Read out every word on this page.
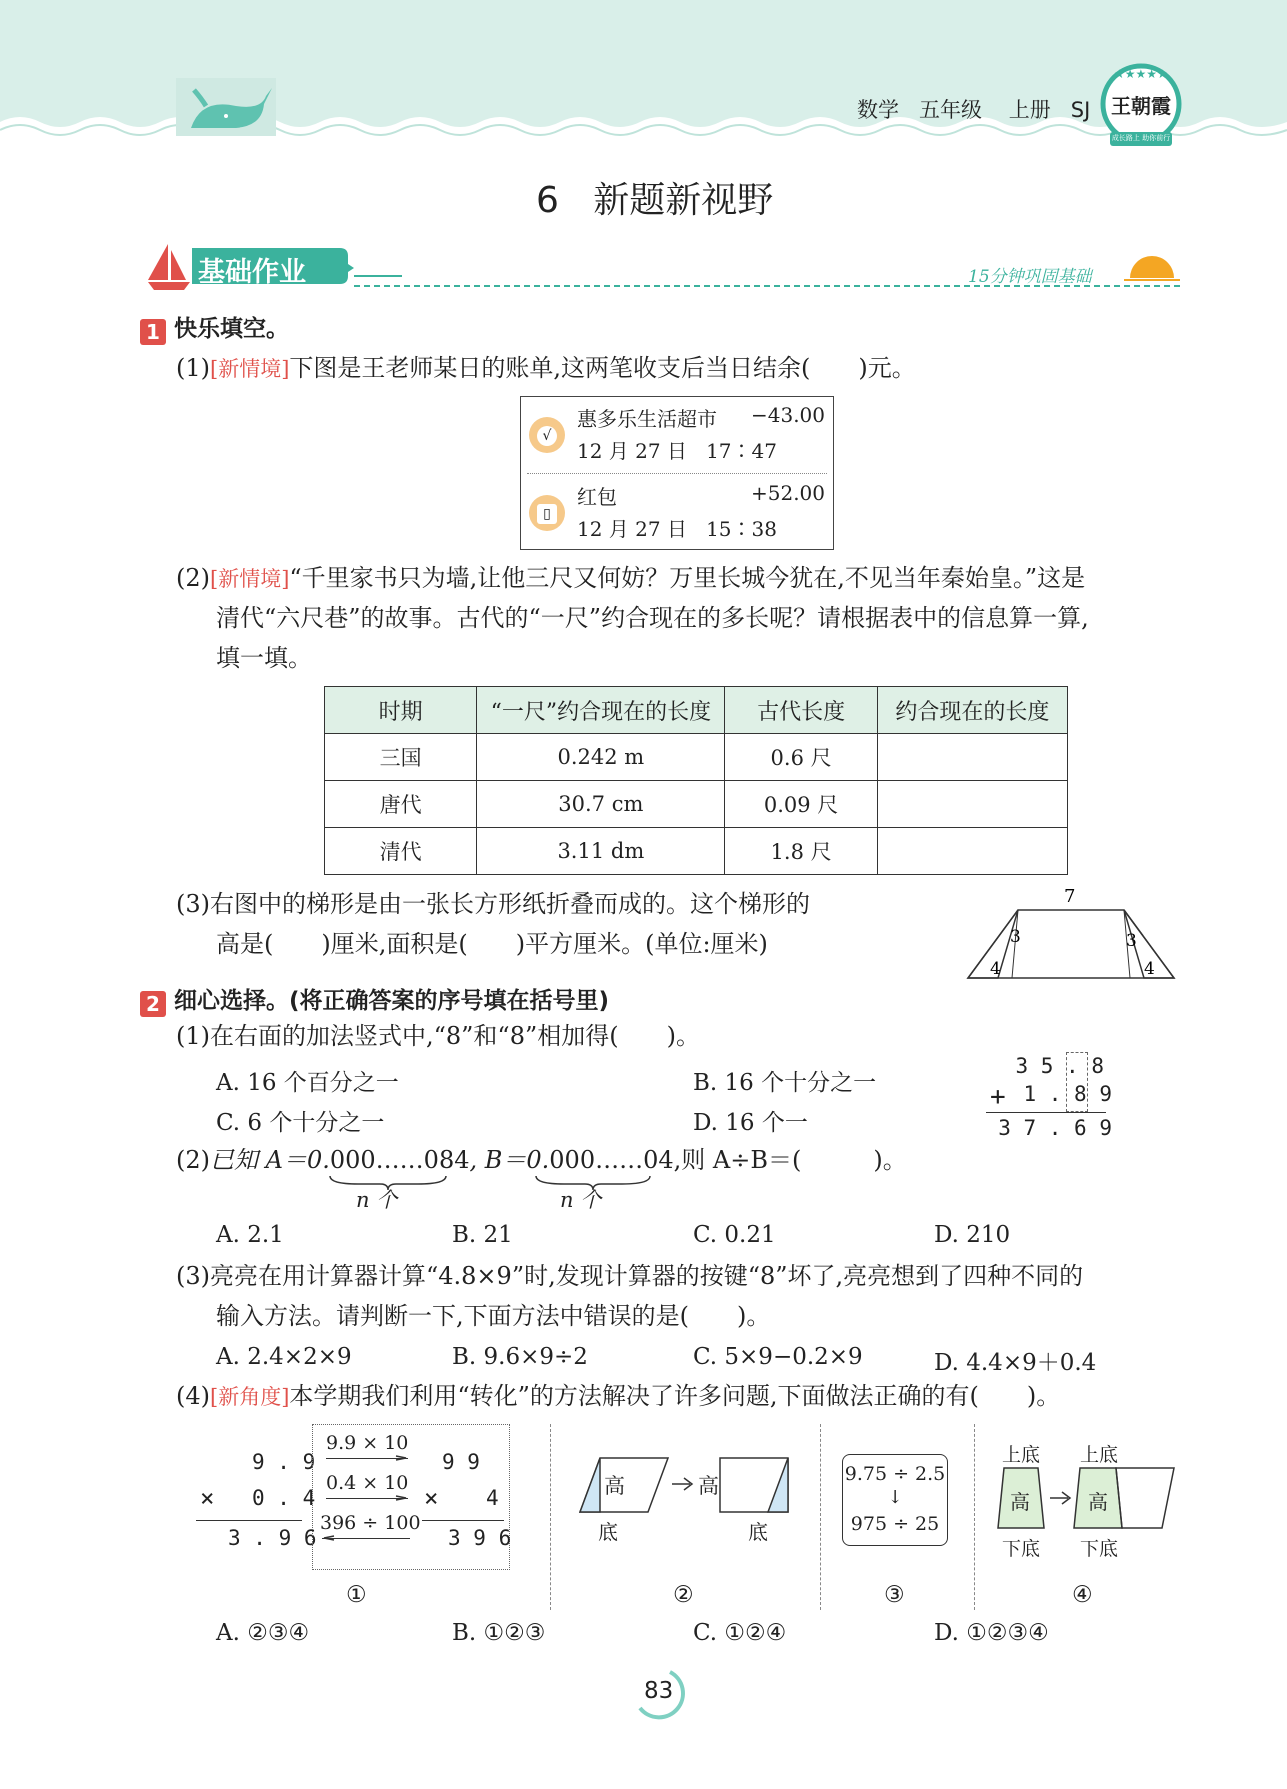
数学 五年级 上册 SJ
★★★★★
王朝霞
成长路上 助你前行
6 新题新视野
基础作业	15分钟巩固基础
1 快乐填空。
(1)[新情境]下图是王老师某日的账单,这两笔收支后当日结余(　　)元。
√
惠多乐生活超市 −43.00
12 月 27 日 17∶47
▯
红包	+52.00
12 月 27 日 15∶38
(2)[新情境]“千里家书只为墙,让他三尺又何妨？万里长城今犹在,不见当年秦始皇。”这是
清代“六尺巷”的故事。古代的“一尺”约合现在的多长呢？请根据表中的信息算一算,
填一填。
时期	“一尺”约合现在的长度	古代长度	约合现在的长度
三国	0.242 m	0.6 尺	
唐代	30.7 cm	0.09 尺	
清代	3.11 dm	1.8 尺	
(3)右图中的梯形是由一张长方形纸折叠而成的。这个梯形的
高是(　　)厘米,面积是(　　)平方厘米。(单位:厘米)
7
3
4
3
4
2 细心选择。(将正确答案的序号填在括号里)
(1)在右面的加法竖式中,“8”和“8”相加得(　　)。
A. 16 个百分之一	B. 16 个十分之一
C. 6 个十分之一	D. 16 个一
3 5 . 8
+ 1 . 8 9
3 7 . 6 9
(2)已知 A＝0.000……084, B＝0.000……04,则 A÷B＝(　　　)。
n 个	n 个
A. 2.1	B. 21	C. 0.21	D. 210
(3)亮亮在用计算器计算“4.8×9”时,发现计算器的按键“8”坏了,亮亮想到了四种不同的
输入方法。请判断一下,下面方法中错误的是(　　)。
A. 2.4×2×9	B. 9.6×9÷2	C. 5×9−0.2×9	D. 4.4×9＋0.4
(4)[新角度]本学期我们利用“转化”的方法解决了许多问题,下面做法正确的有(　　)。
9 . 9
× 0 . 4
3 . 9 6
9.9 × 10
0.4 × 10
396 ÷ 100
9 9
× 4
3 9 6
①
高	高
底	底
②
9.75 ÷ 2.5
↓
975 ÷ 25
③
上底 上底
高	高
下底 下底
④
A. ②③④	B. ①②③	C. ①②④	D. ①②③④
83
